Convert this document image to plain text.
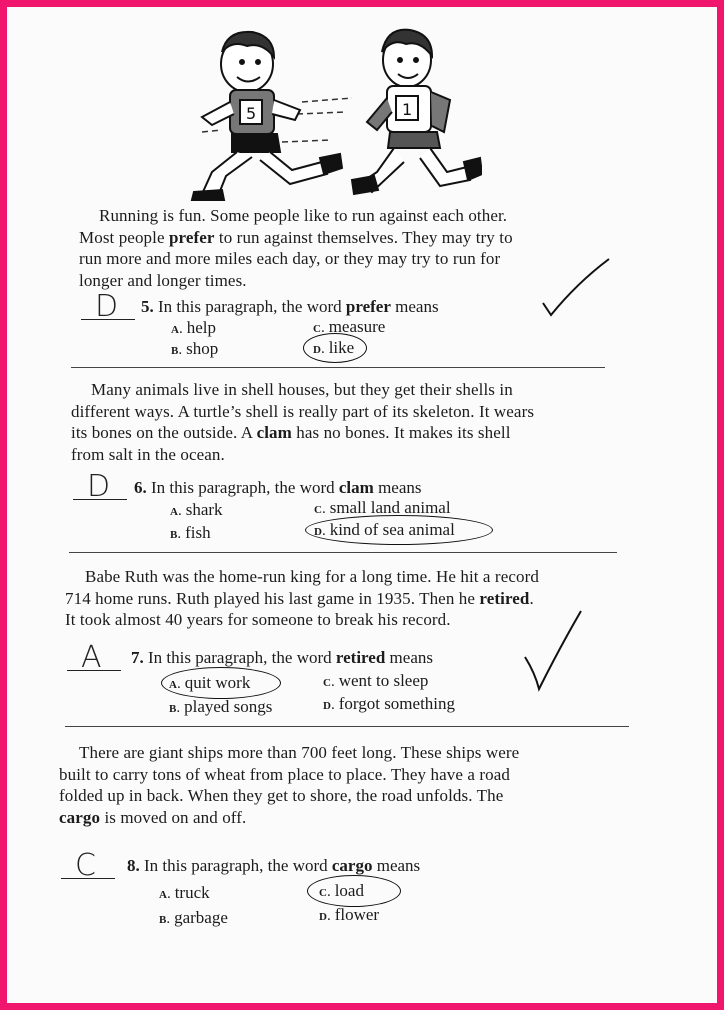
5	1

Running is fun. Some people like to run against each other.
Most people prefer to run against themselves. They may try to
run more and more miles each day, or they may try to run for
longer and longer times.

D 5. In this paragraph, the word prefer means
A. help
B. shop
C. measure
D. like

Many animals live in shell houses, but they get their shells in
different ways. A turtle’s shell is really part of its skeleton. It wears
its bones on the outside. A clam has no bones. It makes its shell
from salt in the ocean.

D 6. In this paragraph, the word clam means
A. shark
B. fish
C. small land animal
D. kind of sea animal

Babe Ruth was the home-run king for a long time. He hit a record
714 home runs. Ruth played his last game in 1935. Then he retired.
It took almost 40 years for someone to break his record.

A 7. In this paragraph, the word retired means
A. quit work
B. played songs
C. went to sleep
D. forgot something

There are giant ships more than 700 feet long. These ships were
built to carry tons of wheat from place to place. They have a road
folded up in back. When they get to shore, the road unfolds. The
cargo is moved on and off.

C 8. In this paragraph, the word cargo means
A. truck
B. garbage
C. load
D. flower
